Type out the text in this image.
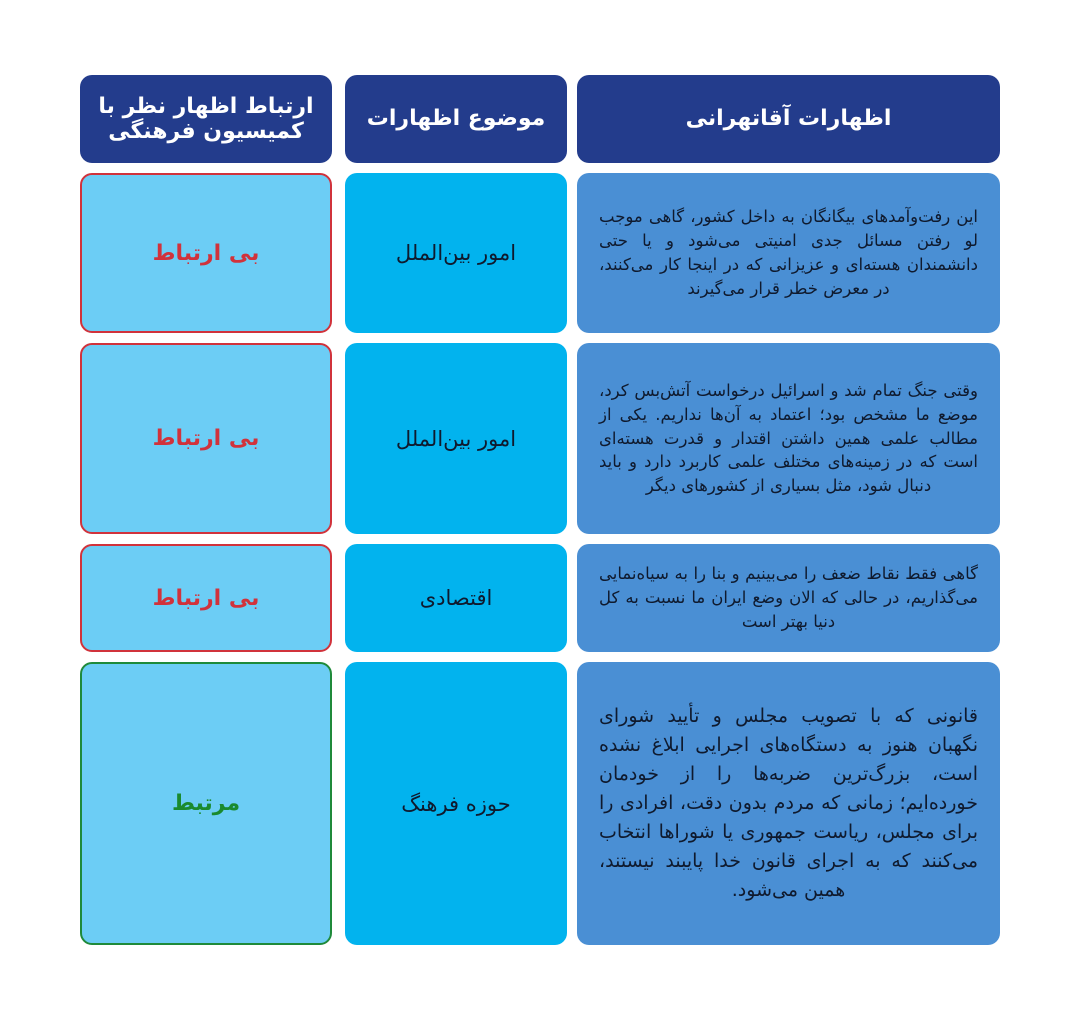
اظهارات آقاتهرانی
موضوع اظهارات
ارتباط اظهار نظر با کمیسیون فرهنگی
این رفت‌وآمدهای بیگانگان به داخل کشور، گاهی موجب لو رفتن مسائل جدی امنیتی می‌شود و یا حتی دانشمندان هسته‌ای و عزیزانی که در اینجا کار می‌کنند، در معرض خطر قرار می‌گیرند
امور بین‌الملل
بی ارتباط
وقتی جنگ تمام شد و اسرائیل درخواست آتش‌بس کرد، موضع ما مشخص بود؛ اعتماد به آن‌ها نداریم. یکی از مطالب علمی همین داشتن اقتدار و قدرت هسته‌ای است که در زمینه‌های مختلف علمی کاربرد دارد و باید دنبال شود، مثل بسیاری از کشورهای دیگر
امور بین‌الملل
بی ارتباط
گاهی فقط نقاط ضعف را می‌بینیم و بنا را به سیاه‌نمایی می‌گذاریم، در حالی که الان وضع ایران ما نسبت به کل دنیا بهتر است
اقتصادی
بی ارتباط
قانونی که با تصویب مجلس و تأیید شورای نگهبان هنوز به دستگاه‌های اجرایی ابلاغ نشده است، بزرگ‌ترین ضربه‌ها را از خودمان خورده‌ایم؛ زمانی که مردم بدون دقت، افرادی را برای مجلس، ریاست جمهوری یا شوراها انتخاب می‌کنند که به اجرای قانون خدا پایبند نیستند، همین می‌شود.
حوزه فرهنگ
مرتبط
